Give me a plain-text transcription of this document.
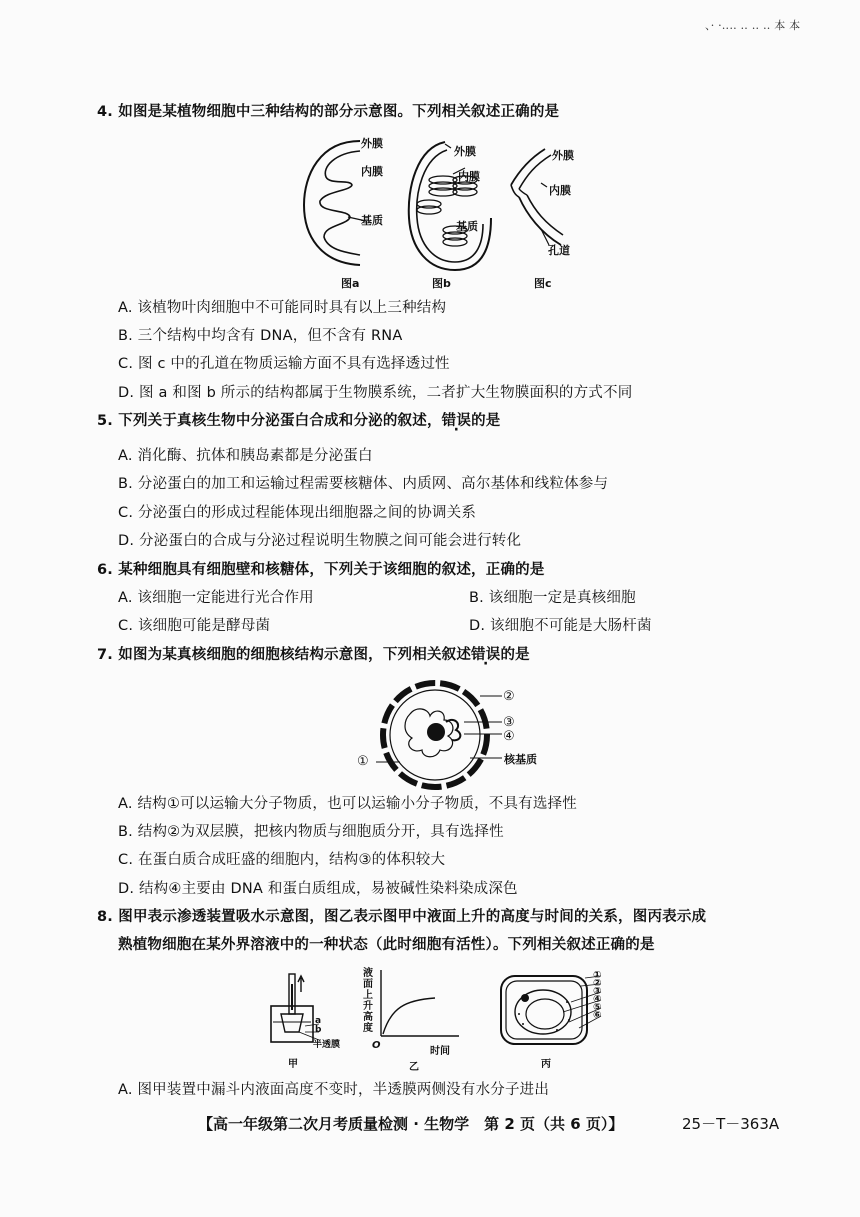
、· ·‥‥ ‥ ‥ ‥ 本 本
4. 如图是某植物细胞中三种结构的部分示意图。下列相关叙述正确的是
外膜
内膜
基质
图a
外膜
内膜
基质
图b
外膜
内膜
孔道
图c
A. 该植物叶肉细胞中不可能同时具有以上三种结构
B. 三个结构中均含有 DNA，但不含有 RNA
C. 图 c 中的孔道在物质运输方面不具有选择透过性
D. 图 a 和图 b 所示的结构都属于生物膜系统，二者扩大生物膜面积的方式不同
5. 下列关于真核生物中分泌蛋白合成和分泌的叙述，错误的是
A. 消化酶、抗体和胰岛素都是分泌蛋白
B. 分泌蛋白的加工和运输过程需要核糖体、内质网、高尔基体和线粒体参与
C. 分泌蛋白的形成过程能体现出细胞器之间的协调关系
D. 分泌蛋白的合成与分泌过程说明生物膜之间可能会进行转化
6. 某种细胞具有细胞壁和核糖体，下列关于该细胞的叙述，正确的是
A. 该细胞一定能进行光合作用	B. 该细胞一定是真核细胞
C. 该细胞可能是酵母菌	D. 该细胞不可能是大肠杆菌
7. 如图为某真核细胞的细胞核结构示意图，下列相关叙述错误的是
②
③
④
核基质
①
A. 结构①可以运输大分子物质，也可以运输小分子物质，不具有选择性
B. 结构②为双层膜，把核内物质与细胞质分开，具有选择性
C. 在蛋白质合成旺盛的细胞内，结构③的体积较大
D. 结构④主要由 DNA 和蛋白质组成，易被碱性染料染成深色
8. 图甲表示渗透装置吸水示意图，图乙表示图甲中液面上升的高度与时间的关系，图丙表示成
熟植物细胞在某外界溶液中的一种状态（此时细胞有活性）。下列相关叙述正确的是
a
b
半透膜
甲
液面上升高度
O
时间
乙
①
②
③
④
⑤
⑥
丙
A. 图甲装置中漏斗内液面高度不变时，半透膜两侧没有水分子进出
【高一年级第二次月考质量检测 · 生物学　第 2 页（共 6 页）】	25－T－363A
